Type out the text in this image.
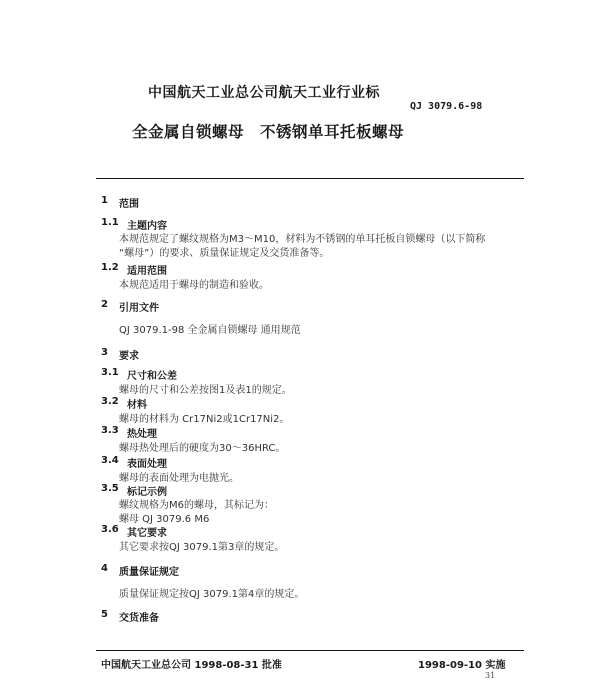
中国航天工业总公司航天工业行业标
QJ 3079.6-98
全金属自锁螺母　不锈钢单耳托板螺母
1 范围
1.1 主题内容
本规范规定了螺纹规格为M3～M10，材料为不锈钢的单耳托板自锁螺母（以下简称
“螺母”）的要求、质量保证规定及交货准备等。
1.2 适用范围
本规范适用于螺母的制造和验收。
2 引用文件
QJ 3079.1-98 全金属自锁螺母 通用规范
3 要求
3.1 尺寸和公差
螺母的尺寸和公差按图1及表1的规定。
3.2 材料
螺母的材料为 Cr17Ni2或1Cr17Ni2。
3.3 热处理
螺母热处理后的硬度为30～36HRC。
3.4 表面处理
螺母的表面处理为电抛光。
3.5 标记示例
螺纹规格为M6的螺母，其标记为：
螺母 QJ 3079.6 M6
3.6 其它要求
其它要求按QJ 3079.1第3章的规定。
4 质量保证规定
质量保证规定按QJ 3079.1第4章的规定。
5 交货准备
中国航天工业总公司 1998-08-31 批准	1998-09-10 实施
31
